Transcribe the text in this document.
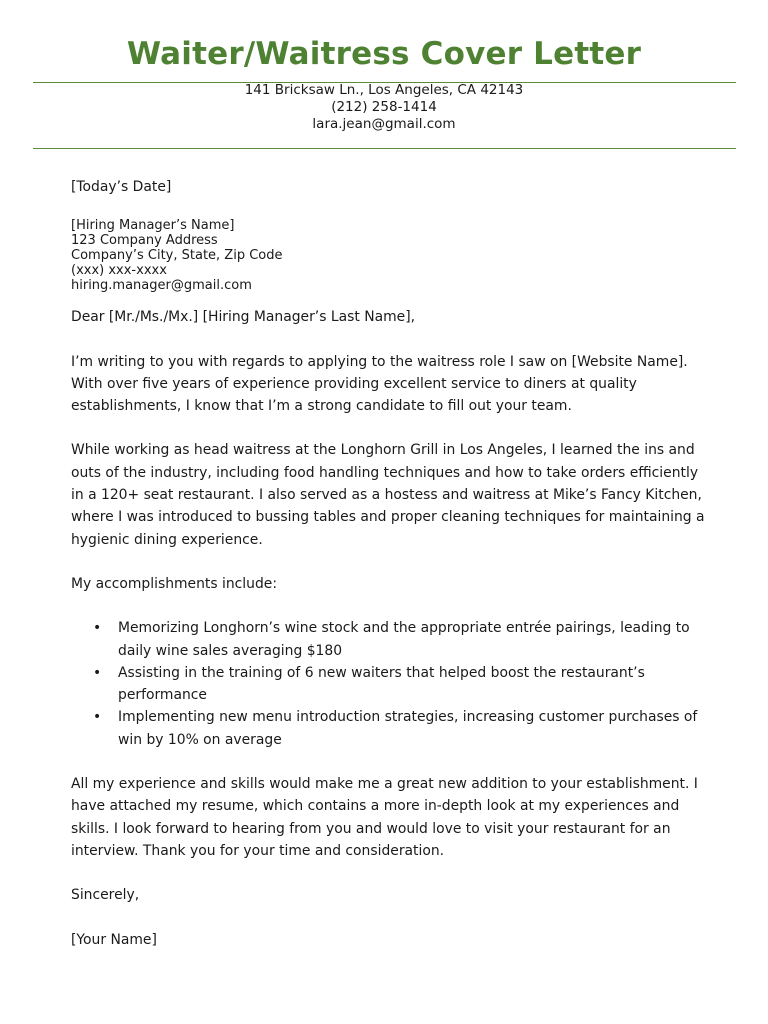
Waiter/Waitress Cover Letter
141 Bricksaw Ln., Los Angeles, CA 42143
(212) 258-1414
lara.jean@gmail.com
[Today’s Date]
[Hiring Manager’s Name]
123 Company Address
Company’s City, State, Zip Code
(xxx) xxx-xxxx
hiring.manager@gmail.com

Dear [Mr./Ms./Mx.] [Hiring Manager’s Last Name],

I’m writing to you with regards to applying to the waitress role I saw on [Website Name]. With over five years of experience providing excellent service to diners at quality establishments, I know that I’m a strong candidate to fill out your team.

While working as head waitress at the Longhorn Grill in Los Angeles, I learned the ins and outs of the industry, including food handling techniques and how to take orders efficiently in a 120+ seat restaurant. I also served as a hostess and waitress at Mike’s Fancy Kitchen, where I was introduced to bussing tables and proper cleaning techniques for maintaining a hygienic dining experience.

My accomplishments include:

• Memorizing Longhorn’s wine stock and the appropriate entrée pairings, leading to daily wine sales averaging $180
• Assisting in the training of 6 new waiters that helped boost the restaurant’s performance
• Implementing new menu introduction strategies, increasing customer purchases of win by 10% on average

All my experience and skills would make me a great new addition to your establishment. I have attached my resume, which contains a more in-depth look at my experiences and skills. I look forward to hearing from you and would love to visit your restaurant for an interview. Thank you for your time and consideration.

Sincerely,

[Your Name]
